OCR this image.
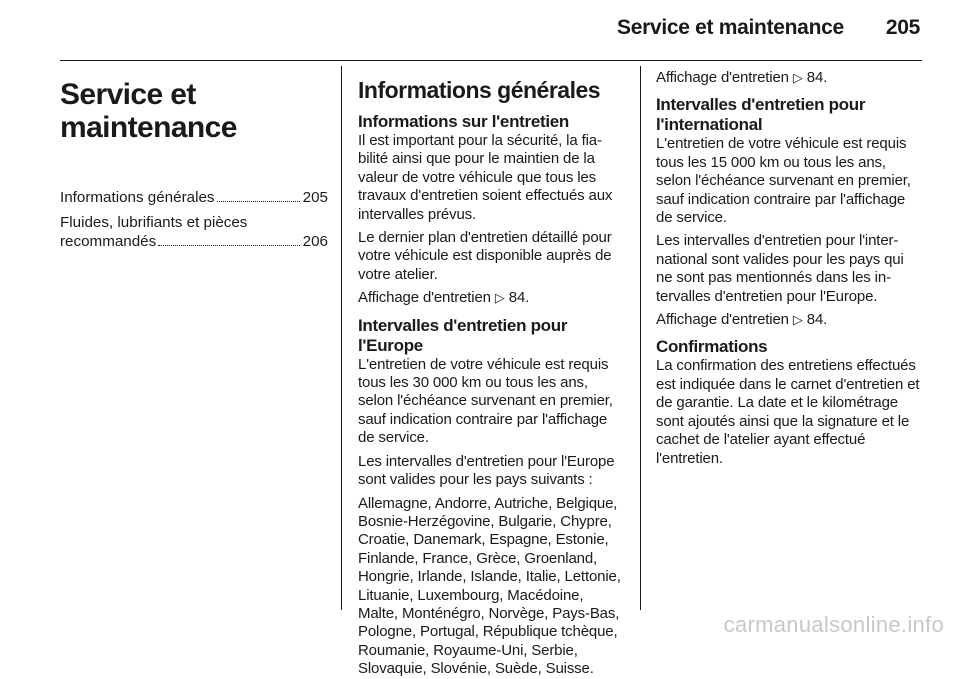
Service et maintenance 205
Service et maintenance
Informations générales	205
Fluides, lubrifiants et pièces
recommandés	206
Informations générales
Informations sur l'entretien

Il est important pour la sécurité, la fiabilité ainsi que pour le maintien de la valeur de votre véhicule que tous les travaux d'entretien soient effectués aux intervalles prévus.

Le dernier plan d'entretien détaillé pour votre véhicule est disponible auprès de votre atelier.

Affichage d'entretien ▷ 84.

Intervalles d'entretien pour l'Europe

L'entretien de votre véhicule est requis tous les 30 000 km ou tous les ans, selon l'échéance survenant en premier, sauf indication contraire par l'affichage de service.

Les intervalles d'entretien pour l'Europe sont valides pour les pays suivants :

Allemagne, Andorre, Autriche, Belgique, Bosnie-Herzégovine, Bulgarie, Chypre, Croatie, Danemark, Espagne, Estonie, Finlande, France, Grèce, Groenland, Hongrie, Irlande, Islande, Italie, Lettonie, Lituanie, Luxembourg, Macédoine, Malte, Monténégro, Norvège, Pays-Bas, Pologne, Portugal, République tchèque, Roumanie, Royaume-Uni, Serbie, Slovaquie, Slovénie, Suède, Suisse.

Affichage d'entretien ▷ 84.

Intervalles d'entretien pour l'international

L'entretien de votre véhicule est requis tous les 15 000 km ou tous les ans, selon l'échéance survenant en premier, sauf indication contraire par l'affichage de service.

Les intervalles d'entretien pour l'international sont valides pour les pays qui ne sont pas mentionnés dans les intervalles d'entretien pour l'Europe.

Affichage d'entretien ▷ 84.

Confirmations

La confirmation des entretiens effectués est indiquée dans le carnet d'entretien et de garantie. La date et le kilométrage sont ajoutés ainsi que la signature et le cachet de l'atelier ayant effectué l'entretien.

carmanualsonline.info
